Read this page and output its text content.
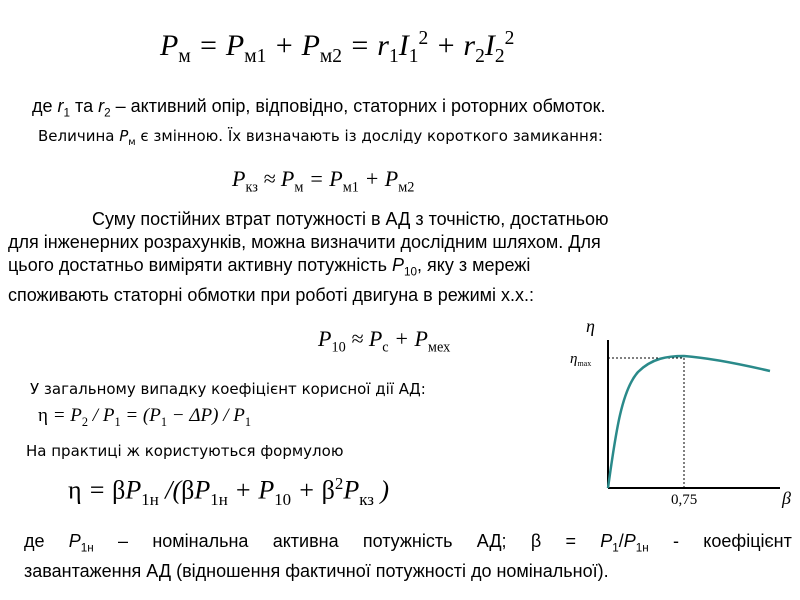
$P_м = P_{м1} + P_{м2} = r_1I_1^2 + r_2I_2^2$
де $r_1$ та $r_2$ – активний опір, відповідно, статорних і роторних обмоток.
Величина $P_м$ є змінною. Їх визначають із досліду короткого замикання:
$P_{кз} \approx P_м = P_{м1} + P_{м2}$
Суму постійних втрат потужності в АД з точністю, достатньою
для інженерних розрахунків, можна визначити дослідним шляхом. Для
цього достатньо виміряти активну потужність $P_{10}$, яку з мережі
споживають статорні обмотки при роботі двигуна в режимі х.х.:
$P_{10} \approx P_с + P_{мех}$
У загальному випадку коефіцієнт корисної дії АД:
$\eta = P_2 / P_1 = (P_1 - \Delta P) / P_1$
На практиці ж користуються формулою
$\eta = \beta P_{1н}$ $/(\beta P_{1н} + P_{10} + \beta^2P_{кз}$ )
де $P_{1н}$ – номінальна активна потужність АД; $\beta = P_1/P_{1н}$ - коефіцієнт
завантаження АД (відношення фактичної потужності до номінальної).
η
β
$\eta_{max}$
0,75
